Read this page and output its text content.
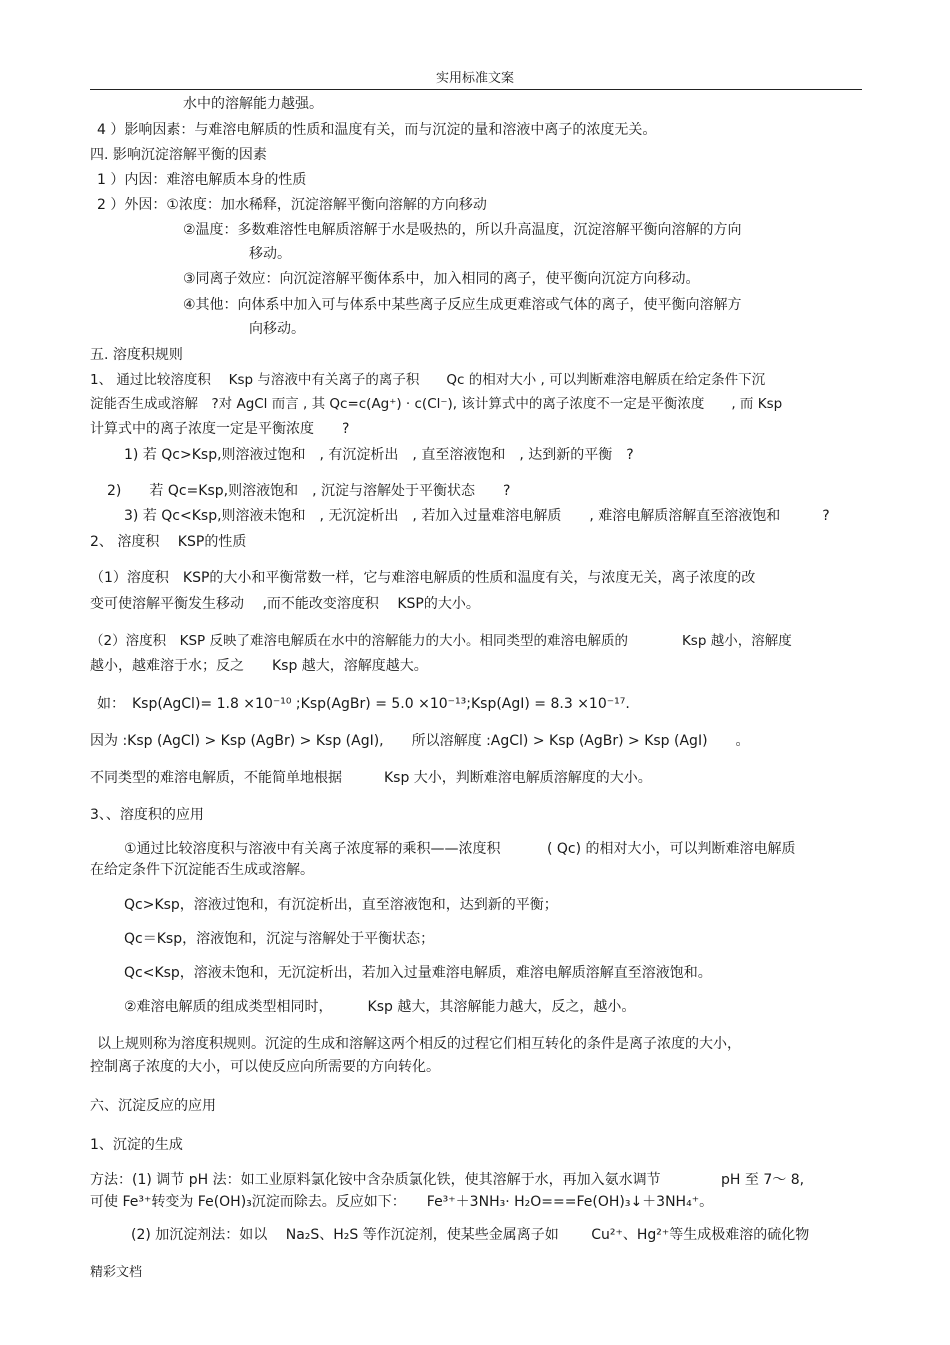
实用标准文案
水中的溶解能力越强。
4 ）影响因素：与难溶电解质的性质和温度有关，而与沉淀的量和溶液中离子的浓度无关。
四. 影响沉淀溶解平衡的因素
1 ）内因：难溶电解质本身的性质
2 ）外因：①浓度：加水稀释，沉淀溶解平衡向溶解的方向移动
②温度：多数难溶性电解质溶解于水是吸热的，所以升高温度，沉淀溶解平衡向溶解的方向
移动。
③同离子效应：向沉淀溶解平衡体系中，加入相同的离子，使平衡向沉淀方向移动。
④其他：向体系中加入可与体系中某些离子反应生成更难溶或气体的离子，使平衡向溶解方
向移动。
五. 溶度积规则
1、 通过比较溶度积　 Ksp 与溶液中有关离子的离子积　　Qc 的相对大小 , 可以判断难溶电解质在给定条件下沉
淀能否生成或溶解　?对 AgCl 而言 , 其 Qc=c(Ag⁺) · c(Cl⁻), 该计算式中的离子浓度不一定是平衡浓度　　, 而 Ksp
计算式中的离子浓度一定是平衡浓度　　?
1) 若 Qc>Ksp,则溶液过饱和　, 有沉淀析出　, 直至溶液饱和　, 达到新的平衡　?
2)　　若 Qc=Ksp,则溶液饱和　, 沉淀与溶解处于平衡状态　　?
3) 若 Qc<Ksp,则溶液未饱和　, 无沉淀析出　, 若加入过量难溶电解质　　, 难溶电解质溶解直至溶液饱和　　　?
2、 溶度积　 KSP的性质
（1）溶度积　KSP的大小和平衡常数一样，它与难溶电解质的性质和温度有关，与浓度无关，离子浓度的改
变可使溶解平衡发生移动　 ,而不能改变溶度积　 KSP的大小。
（2）溶度积　KSP 反映了难溶电解质在水中的溶解能力的大小。相同类型的难溶电解质的　　　　Ksp 越小，溶解度
越小，越难溶于水；反之　　Ksp 越大，溶解度越大。
如：　Ksp(AgCl)= 1.8 ×10⁻¹⁰ ;Ksp(AgBr) = 5.0 ×10⁻¹³;Ksp(AgI) = 8.3 ×10⁻¹⁷.
因为 :Ksp (AgCl) > Ksp (AgBr) > Ksp (AgI),　　所以溶解度 :AgCl) > Ksp (AgBr) > Ksp (AgI)　　。
不同类型的难溶电解质，不能简单地根据　　　Ksp 大小，判断难溶电解质溶解度的大小。
3、、溶度积的应用
①通过比较溶度积与溶液中有关离子浓度幂的乘积——浓度积　　　 ( Qc) 的相对大小，可以判断难溶电解质
在给定条件下沉淀能否生成或溶解。
Qc>Ksp，溶液过饱和，有沉淀析出，直至溶液饱和，达到新的平衡；
Qc＝Ksp，溶液饱和，沉淀与溶解处于平衡状态；
Qc<Ksp，溶液未饱和，无沉淀析出，若加入过量难溶电解质，难溶电解质溶解直至溶液饱和。
②难溶电解质的组成类型相同时，　　　Ksp 越大，其溶解能力越大，反之，越小。
以上规则称为溶度积规则。沉淀的生成和溶解这两个相反的过程它们相互转化的条件是离子浓度的大小，
控制离子浓度的大小，可以使反应向所需要的方向转化。
六、沉淀反应的应用
1、沉淀的生成
方法：(1) 调节 pH 法：如工业原料氯化铵中含杂质氯化铁，使其溶解于水，再加入氨水调节　　　　 pH 至 7～ 8,
可使 Fe³⁺转变为 Fe(OH)₃沉淀而除去。反应如下：　　Fe³⁺＋3NH₃· H₂O===Fe(OH)₃↓＋3NH₄⁺。
(2) 加沉淀剂法：如以　 Na₂S、H₂S 等作沉淀剂，使某些金属离子如　　 Cu²⁺、Hg²⁺等生成极难溶的硫化物
精彩文档
